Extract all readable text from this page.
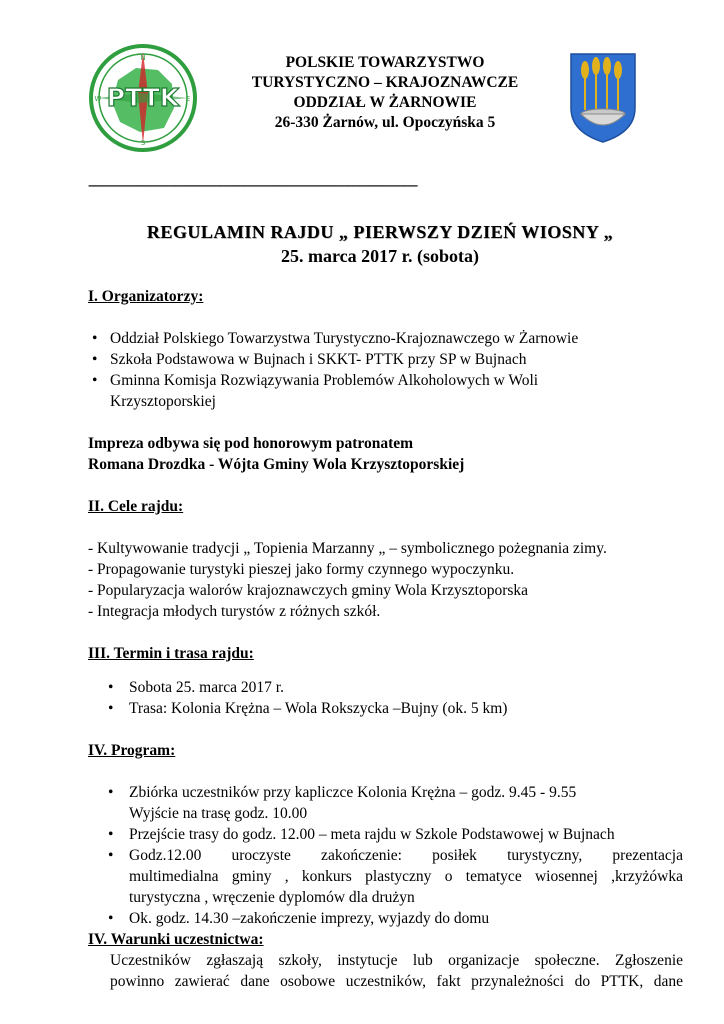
PTTK
N
E
S
W
POLSKIE TOWARZYSTWO
TURYSTYCZNO – KRAJOZNAWCZE
ODDZIAŁ W ŻARNOWIE
26-330 Żarnów, ul. Opoczyńska 5
-----------------------------------------------------------------------------------------------
REGULAMIN RAJDU „ PIERWSZY DZIEŃ WIOSNY „
25. marca 2017 r. (sobota)
I. Organizatorzy:
• Oddział Polskiego Towarzystwa Turystyczno-Krajoznawczego w Żarnowie
• Szkoła Podstawowa w Bujnach i SKKT- PTTK przy SP w Bujnach
• Gminna Komisja Rozwiązywania Problemów Alkoholowych w Woli
Krzysztoporskiej
Impreza odbywa się pod honorowym patronatem
Romana Drozdka - Wójta Gminy Wola Krzysztoporskiej
II. Cele rajdu:
- Kultywowanie tradycji „ Topienia Marzanny „ – symbolicznego pożegnania zimy.
- Propagowanie turystyki pieszej jako formy czynnego wypoczynku.
- Popularyzacja walorów krajoznawczych gminy Wola Krzysztoporska
- Integracja młodych turystów z różnych szkół.
III. Termin i trasa rajdu:
• Sobota 25. marca 2017 r.
• Trasa: Kolonia Krężna – Wola Rokszycka –Bujny (ok. 5 km)
IV. Program:
• Zbiórka uczestników przy kapliczce Kolonia Krężna – godz. 9.45 - 9.55
Wyjście na trasę godz. 10.00
• Przejście trasy do godz. 12.00 – meta rajdu w Szkole Podstawowej w Bujnach
• Godz.12.00 uroczyste zakończenie: posiłek turystyczny, prezentacja
multimedialna gminy , konkurs plastyczny o tematyce wiosennej ,krzyżówka
turystyczna , wręczenie dyplomów dla drużyn
• Ok. godz. 14.30 –zakończenie imprezy, wyjazdy do domu
IV. Warunki uczestnictwa:
Uczestników zgłaszają szkoły, instytucje lub organizacje społeczne. Zgłoszenie
powinno zawierać dane osobowe uczestników, fakt przynależności do PTTK, dane
